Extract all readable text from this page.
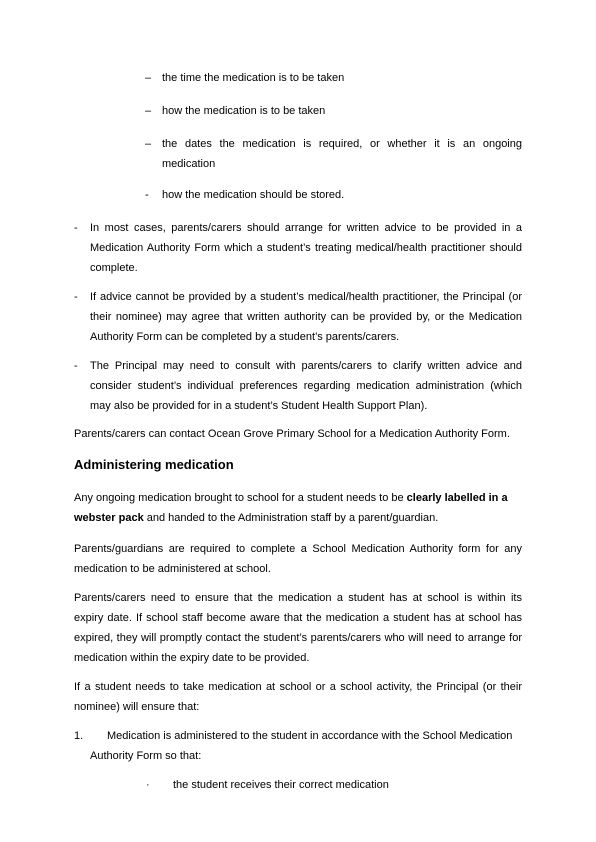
– the time the medication is to be taken
– how the medication is to be taken
– the dates the medication is required, or whether it is an ongoing medication
- how the medication should be stored.
- In most cases, parents/carers should arrange for written advice to be provided in a Medication Authority Form which a student’s treating medical/health practitioner should complete.
- If advice cannot be provided by a student’s medical/health practitioner, the Principal (or their nominee) may agree that written authority can be provided by, or the Medication Authority Form can be completed by a student’s parents/carers.
- The Principal may need to consult with parents/carers to clarify written advice and consider student’s individual preferences regarding medication administration (which may also be provided for in a student’s Student Health Support Plan).
Parents/carers can contact Ocean Grove Primary School for a Medication Authority Form.
Administering medication
Any ongoing medication brought to school for a student needs to be clearly labelled in a
webster pack and handed to the Administration staff by a parent/guardian.
Parents/guardians are required to complete a School Medication Authority form for any medication to be administered at school.
Parents/carers need to ensure that the medication a student has at school is within its expiry date. If school staff become aware that the medication a student has at school has expired, they will promptly contact the student’s parents/carers who will need to arrange for medication within the expiry date to be provided.
If a student needs to take medication at school or a school activity, the Principal (or their nominee) will ensure that:
1.	Medication is administered to the student in accordance with the School Medication Authority Form so that:
· the student receives their correct medication
